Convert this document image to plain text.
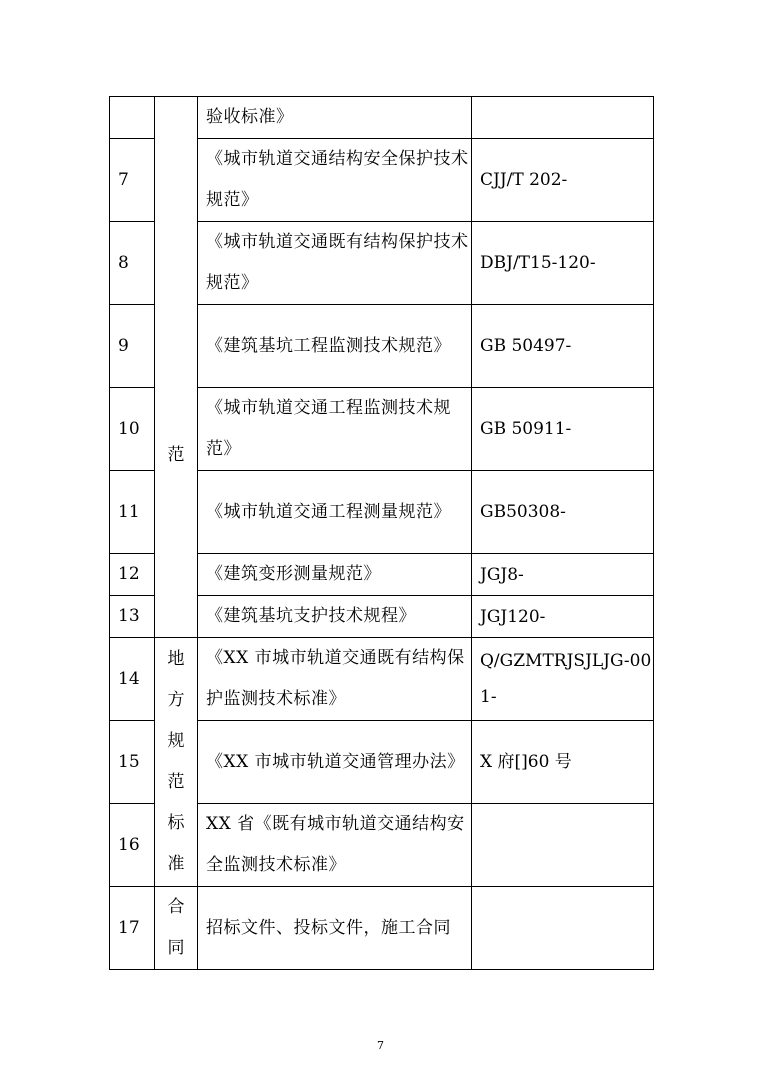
	范	验收标准》	

7		《城市轨道交通结构安全保护技术规范》	CJJ/T 202-

8		《城市轨道交通既有结构保护技术规范》	DBJ/T15-120-

9		《建筑基坑工程监测技术规范》	GB 50497-

10		《城市轨道交通工程监测技术规范》	GB 50911-

11		《城市轨道交通工程测量规范》	GB50308-

12		《建筑变形测量规范》	JGJ8-

13		《建筑基坑支护技术规程》	JGJ120-

14	地方规范标准	《XX 市城市轨道交通既有结构保护监测技术标准》	Q/GZMTRJSJLJG-001-

15		《XX 市城市轨道交通管理办法》	X 府[]60 号

16		XX 省《既有城市轨道交通结构安全监测技术标准》	

17	合同	招标文件、投标文件，施工合同	

7
